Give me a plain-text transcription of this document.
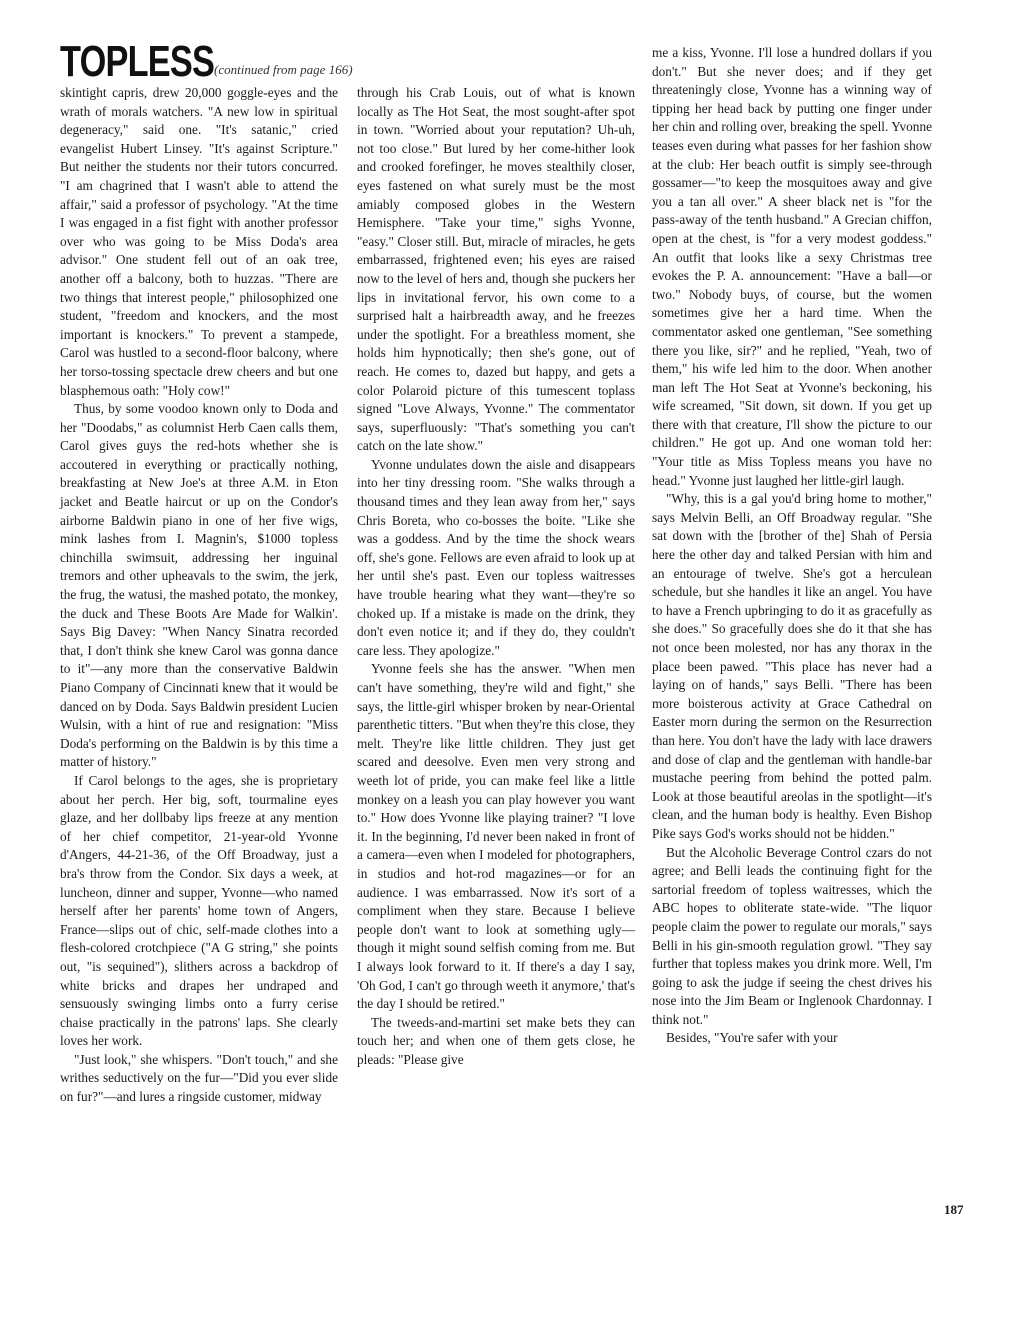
TOPLESS (continued from page 166)

skintight capris, drew 20,000 goggle-eyes and the wrath of morals watchers. "A new low in spiritual degeneracy," said one. "It's satanic," cried evangelist Hubert Linsey. "It's against Scripture." But neither the students nor their tutors concurred. "I am chagrined that I wasn't able to attend the affair," said a professor of psychology. "At the time I was engaged in a fist fight with another professor over who was going to be Miss Doda's area advisor." One student fell out of an oak tree, another off a balcony, both to huzzas. "There are two things that interest people," philosophized one student, "freedom and knockers, and the most important is knockers." To prevent a stampede, Carol was hustled to a second-floor balcony, where her torso-tossing spectacle drew cheers and but one blasphemous oath: "Holy cow!"

Thus, by some voodoo known only to Doda and her "Doodabs," as columnist Herb Caen calls them, Carol gives guys the red-hots whether she is accoutered in everything or practically nothing, breakfasting at New Joe's at three A.M. in Eton jacket and Beatle haircut or up on the Condor's airborne Baldwin piano in one of her five wigs, mink lashes from I. Magnin's, $1000 topless chinchilla swimsuit, addressing her inguinal tremors and other upheavals to the swim, the jerk, the frug, the watusi, the mashed potato, the monkey, the duck and These Boots Are Made for Walkin'. Says Big Davey: "When Nancy Sinatra recorded that, I don't think she knew Carol was gonna dance to it"—any more than the conservative Baldwin Piano Company of Cincinnati knew that it would be danced on by Doda. Says Baldwin president Lucien Wulsin, with a hint of rue and resignation: "Miss Doda's performing on the Baldwin is by this time a matter of history."

If Carol belongs to the ages, she is proprietary about her perch. Her big, soft, tourmaline eyes glaze, and her dollbaby lips freeze at any mention of her chief competitor, 21-year-old Yvonne d'Angers, 44-21-36, of the Off Broadway, just a bra's throw from the Condor. Six days a week, at luncheon, dinner and supper, Yvonne—who named herself after her parents' home town of Angers, France—slips out of chic, self-made clothes into a flesh-colored crotchpiece ("A G string," she points out, "is sequined"), slithers across a backdrop of white bricks and drapes her undraped and sensuously swinging limbs onto a furry cerise chaise practically in the patrons' laps. She clearly loves her work.

"Just look," she whispers. "Don't touch," and she writhes seductively on the fur—"Did you ever slide on fur?"—and lures a ringside customer, midway

through his Crab Louis, out of what is known locally as The Hot Seat, the most sought-after spot in town. "Worried about your reputation? Uh-uh, not too close." But lured by her come-hither look and crooked forefinger, he moves stealthily closer, eyes fastened on what surely must be the most amiably composed globes in the Western Hemisphere. "Take your time," sighs Yvonne, "easy." Closer still. But, miracle of miracles, he gets embarrassed, frightened even; his eyes are raised now to the level of hers and, though she puckers her lips in invitational fervor, his own come to a surprised halt a hairbreadth away, and he freezes under the spotlight. For a breathless moment, she holds him hypnotically; then she's gone, out of reach. He comes to, dazed but happy, and gets a color Polaroid picture of this tumescent toplass signed "Love Always, Yvonne." The commentator says, superfluously: "That's something you can't catch on the late show."

Yvonne undulates down the aisle and disappears into her tiny dressing room. "She walks through a thousand times and they lean away from her," says Chris Boreta, who co-bosses the boite. "Like she was a goddess. And by the time the shock wears off, she's gone. Fellows are even afraid to look up at her until she's past. Even our topless waitresses have trouble hearing what they want—they're so choked up. If a mistake is made on the drink, they don't even notice it; and if they do, they couldn't care less. They apologize."

Yvonne feels she has the answer. "When men can't have something, they're wild and fight," she says, the little-girl whisper broken by near-Oriental parenthetic titters. "But when they're this close, they melt. They're like little children. They just get scared and deesolve. Even men very strong and weeth lot of pride, you can make feel like a little monkey on a leash you can play however you want to." How does Yvonne like playing trainer? "I love it. In the beginning, I'd never been naked in front of a camera—even when I modeled for photographers, in studios and hot-rod magazines—or for an audience. I was embarrassed. Now it's sort of a compliment when they stare. Because I believe people don't want to look at something ugly—though it might sound selfish coming from me. But I always look forward to it. If there's a day I say, 'Oh God, I can't go through weeth it anymore,' that's the day I should be retired."

The tweeds-and-martini set make bets they can touch her; and when one of them gets close, he pleads: "Please give

me a kiss, Yvonne. I'll lose a hundred dollars if you don't." But she never does; and if they get threateningly close, Yvonne has a winning way of tipping her head back by putting one finger under her chin and rolling over, breaking the spell. Yvonne teases even during what passes for her fashion show at the club: Her beach outfit is simply see-through gossamer—"to keep the mosquitoes away and give you a tan all over." A sheer black net is "for the pass-away of the tenth husband." A Grecian chiffon, open at the chest, is "for a very modest goddess." An outfit that looks like a sexy Christmas tree evokes the P. A. announcement: "Have a ball—or two." Nobody buys, of course, but the women sometimes give her a hard time. When the commentator asked one gentleman, "See something there you like, sir?" and he replied, "Yeah, two of them," his wife led him to the door. When another man left The Hot Seat at Yvonne's beckoning, his wife screamed, "Sit down, sit down. If you get up there with that creature, I'll show the picture to our children." He got up. And one woman told her: "Your title as Miss Topless means you have no head." Yvonne just laughed her little-girl laugh.

"Why, this is a gal you'd bring home to mother," says Melvin Belli, an Off Broadway regular. "She sat down with the [brother of the] Shah of Persia here the other day and talked Persian with him and an entourage of twelve. She's got a herculean schedule, but she handles it like an angel. You have to have a French upbringing to do it as gracefully as she does." So gracefully does she do it that she has not once been molested, nor has any thorax in the place been pawed. "This place has never had a laying on of hands," says Belli. "There has been more boisterous activity at Grace Cathedral on Easter morn during the sermon on the Resurrection than here. You don't have the lady with lace drawers and dose of clap and the gentleman with handle-bar mustache peering from behind the potted palm. Look at those beautiful areolas in the spotlight—it's clean, and the human body is healthy. Even Bishop Pike says God's works should not be hidden."

But the Alcoholic Beverage Control czars do not agree; and Belli leads the continuing fight for the sartorial freedom of topless waitresses, which the ABC hopes to obliterate state-wide. "The liquor people claim the power to regulate our morals," says Belli in his gin-smooth regulation growl. "They say further that topless makes you drink more. Well, I'm going to ask the judge if seeing the chest drives his nose into the Jim Beam or Inglenook Chardonnay. I think not."

Besides, "You're safer with your

187
